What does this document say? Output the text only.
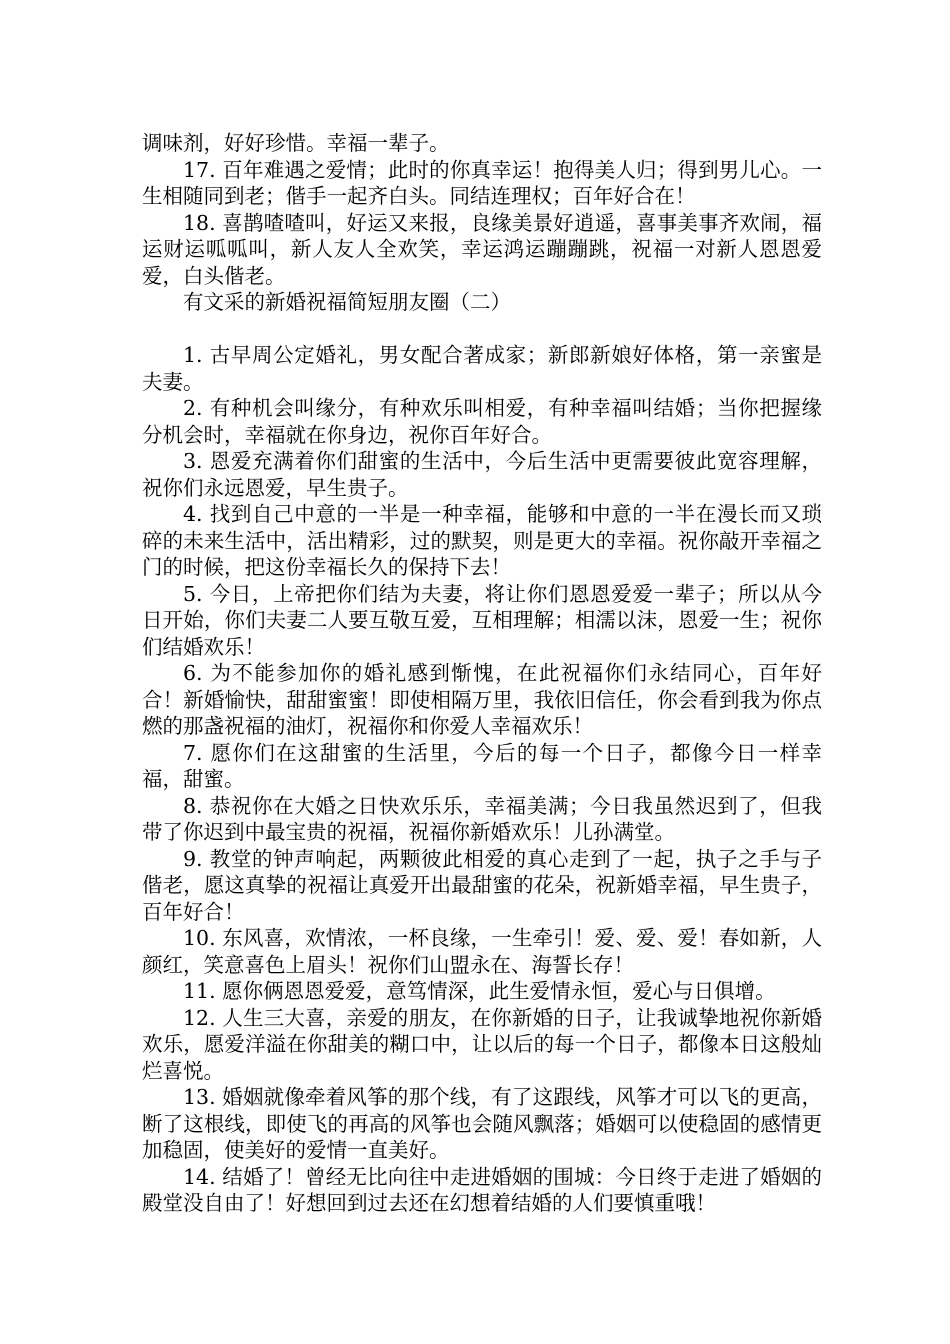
调味剂，好好珍惜。幸福一辈子。

17. 百年难遇之爱情；此时的你真幸运！抱得美人归；得到男儿心。一生相随同到老；偕手一起齐白头。同结连理权；百年好合在！

18. 喜鹊喳喳叫，好运又来报，良缘美景好逍遥，喜事美事齐欢闹，福运财运呱呱叫，新人友人全欢笑，幸运鸿运蹦蹦跳，祝福一对新人恩恩爱爱，白头偕老。

有文采的新婚祝福简短朋友圈（二）

1. 古早周公定婚礼，男女配合著成家；新郎新娘好体格，第一亲蜜是夫妻。

2. 有种机会叫缘分，有种欢乐叫相爱，有种幸福叫结婚；当你把握缘分机会时，幸福就在你身边，祝你百年好合。

3. 恩爱充满着你们甜蜜的生活中，今后生活中更需要彼此宽容理解，祝你们永远恩爱，早生贵子。

4. 找到自己中意的一半是一种幸福，能够和中意的一半在漫长而又琐碎的未来生活中，活出精彩，过的默契，则是更大的幸福。祝你敲开幸福之门的时候，把这份幸福长久的保持下去！

5. 今日，上帝把你们结为夫妻，将让你们恩恩爱爱一辈子；所以从今日开始，你们夫妻二人要互敬互爱，互相理解；相濡以沫，恩爱一生；祝你们结婚欢乐！

6. 为不能参加你的婚礼感到惭愧，在此祝福你们永结同心，百年好合！新婚愉快，甜甜蜜蜜！即使相隔万里，我依旧信任，你会看到我为你点燃的那盏祝福的油灯，祝福你和你爱人幸福欢乐！

7. 愿你们在这甜蜜的生活里，今后的每一个日子，都像今日一样幸福，甜蜜。

8. 恭祝你在大婚之日快欢乐乐，幸福美满；今日我虽然迟到了，但我带了你迟到中最宝贵的祝福，祝福你新婚欢乐！儿孙满堂。

9. 教堂的钟声响起，两颗彼此相爱的真心走到了一起，执子之手与子偕老，愿这真挚的祝福让真爱开出最甜蜜的花朵，祝新婚幸福，早生贵子，百年好合！

10. 东风喜，欢情浓，一杯良缘，一生牵引！爱、爱、爱！春如新，人颜红，笑意喜色上眉头！祝你们山盟永在、海誓长存！

11. 愿你俩恩恩爱爱，意笃情深，此生爱情永恒，爱心与日俱增。

12. 人生三大喜，亲爱的朋友，在你新婚的日子，让我诚挚地祝你新婚欢乐，愿爱洋溢在你甜美的糊口中，让以后的每一个日子，都像本日这般灿烂喜悦。

13. 婚姻就像牵着风筝的那个线，有了这跟线，风筝才可以飞的更高，断了这根线，即使飞的再高的风筝也会随风飘落；婚姻可以使稳固的感情更加稳固，使美好的爱情一直美好。

14. 结婚了！曾经无比向往中走进婚姻的围城：今日终于走进了婚姻的殿堂没自由了！好想回到过去还在幻想着结婚的人们要慎重哦！
